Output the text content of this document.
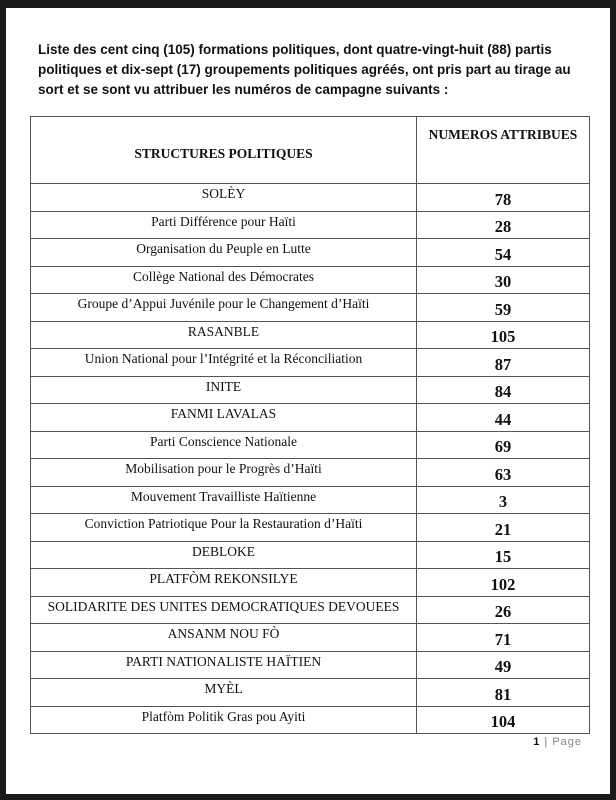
Liste des cent cinq (105) formations politiques, dont quatre-vingt-huit (88) partis politiques et dix-sept (17) groupements politiques agréés, ont pris part au tirage au sort et se sont vu attribuer les numéros de campagne suivants :

STRUCTURES POLITIQUES	NUMEROS ATTRIBUES
SOLÈY	78
Parti Différence pour Haïti	28
Organisation du Peuple en Lutte	54
Collège National des Démocrates	30
Groupe d’Appui Juvénile pour le Changement d’Haïti	59
RASANBLE	105
Union National pour l’Intégrité et la Réconciliation	87
INITE	84
FANMI LAVALAS	44
Parti Conscience Nationale	69
Mobilisation pour le Progrès d’Haïti	63
Mouvement Travailliste Haïtienne	3
Conviction Patriotique Pour la Restauration d’Haïti	21
DEBLOKE	15
PLATFÒM REKONSILYE	102
SOLIDARITE DES UNITES DEMOCRATIQUES DEVOUEES	26
ANSANM NOU FÒ	71
PARTI NATIONALISTE HAÏTIEN	49
MYÈL	81
Platfòm Politik Gras pou Ayiti	104
1 | Page
